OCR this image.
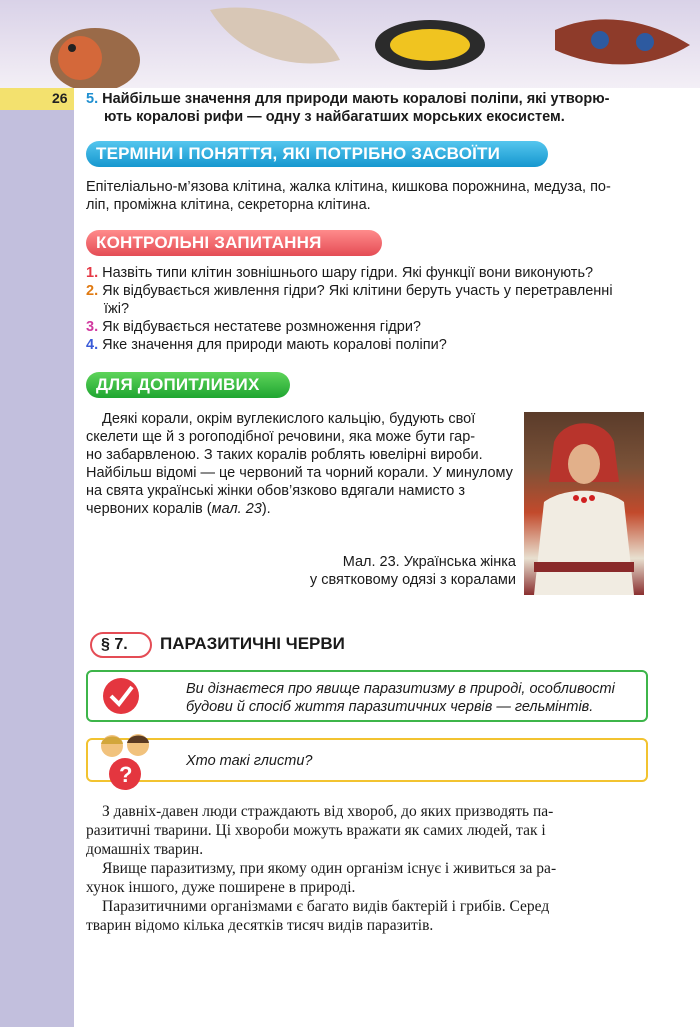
26 5. Найбільше значення для природи мають коралові поліпи, які утворю-
ють коралові рифи — одну з найбагатших морських екосистем.
ТЕРМІНИ І ПОНЯТТЯ, ЯКІ ПОТРІБНО ЗАСВОЇТИ
Епітеліально-м’язова клітина, жалка клітина, кишкова порожнина, медуза, по-
ліп, проміжна клітина, секреторна клітина.
КОНТРОЛЬНІ ЗАПИТАННЯ
1. Назвіть типи клітин зовнішнього шару гідри. Які функції вони виконують?
2. Як відбувається живлення гідри? Які клітини беруть участь у перетравленні
їжі?
3. Як відбувається нестатеве розмноження гідри?
4. Яке значення для природи мають коралові поліпи?
ДЛЯ ДОПИТЛИВИХ
Деякі корали, окрім вуглекислого кальцію, будують свої
скелети ще й з рогоподібної речовини, яка може бути гар-
но забарвленою. З таких коралів роблять ювелірні вироби.
Найбільш відомі — це червоний та чорний корали. У минулому
на свята українські жінки обов’язково вдягали намисто з
червоних коралів (мал. 23).
Мал. 23. Українська жінка
у святковому одязі з коралами
§ 7. ПАРАЗИТИЧНІ ЧЕРВИ
Ви дізнаєтеся про явище паразитизму в природі, особливості
будови й спосіб життя паразитичних червів — гельмінтів.
?
Хто такі глисти?
З давніх-давен люди страждають від хвороб, до яких призводять па-
разитичні тварини. Ці хвороби можуть вражати як самих людей, так і
домашніх тварин.
Явище паразитизму, при якому один організм існує і живиться за ра-
хунок іншого, дуже поширене в природі.
Паразитичними організмами є багато видів бактерій і грибів. Серед
тварин відомо кілька десятків тисяч видів паразитів.
